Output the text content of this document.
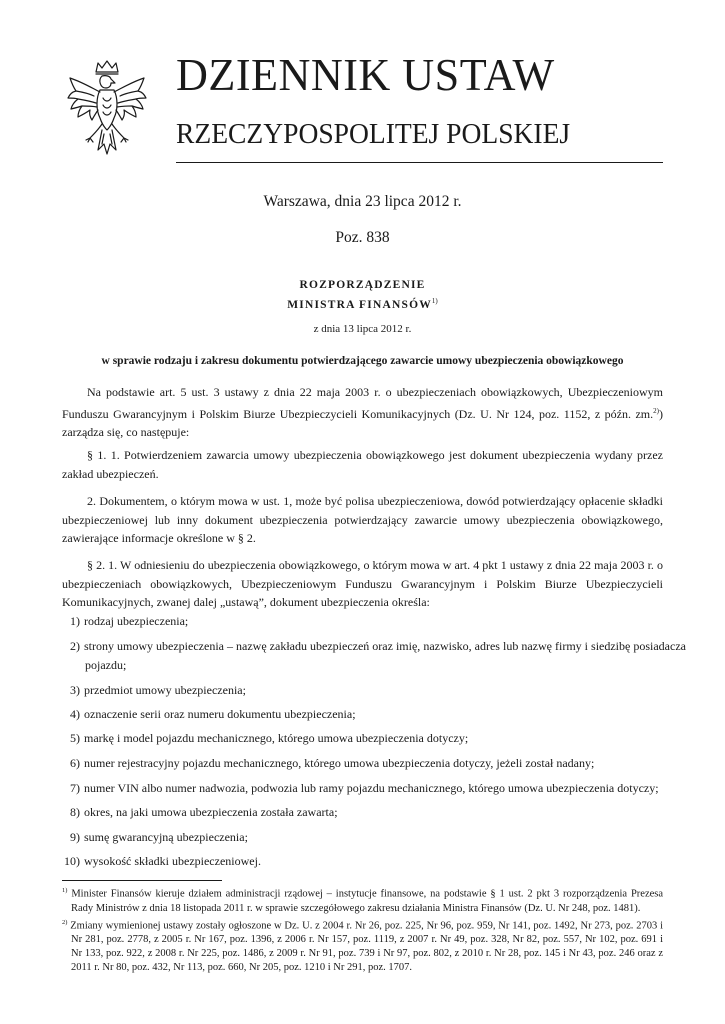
DZIENNIK USTAW
RZECZYPOSPOLITEJ POLSKIEJ
Warszawa, dnia 23 lipca 2012 r.
Poz. 838
ROZPORZĄDZENIE
MINISTRA FINANSÓW$^{1)}$
z dnia 13 lipca 2012 r.
w sprawie rodzaju i zakresu dokumentu potwierdzającego zawarcie umowy ubezpieczenia obowiązkowego

Na podstawie art. 5 ust. 3 ustawy z dnia 22 maja 2003 r. o ubezpieczeniach obowiązkowych, Ubezpieczeniowym Funduszu Gwarancyjnym i Polskim Biurze Ubezpieczycieli Komunikacyjnych (Dz. U. Nr 124, poz. 1152, z późn. zm.$^{2)}$) zarządza się, co następuje:

§ 1. 1. Potwierdzeniem zawarcia umowy ubezpieczenia obowiązkowego jest dokument ubezpieczenia wydany przez zakład ubezpieczeń.

2. Dokumentem, o którym mowa w ust. 1, może być polisa ubezpieczeniowa, dowód potwierdzający opłacenie składki ubezpieczeniowej lub inny dokument ubezpieczenia potwierdzający zawarcie umowy ubezpieczenia obowiązkowego, zawierające informacje określone w § 2.

§ 2. 1. W odniesieniu do ubezpieczenia obowiązkowego, o którym mowa w art. 4 pkt 1 ustawy z dnia 22 maja 2003 r. o ubezpieczeniach obowiązkowych, Ubezpieczeniowym Funduszu Gwarancyjnym i Polskim Biurze Ubezpieczycieli Komunikacyjnych, zwanej dalej „ustawą”, dokument ubezpieczenia określa:

1) rodzaj ubezpieczenia;
2) strony umowy ubezpieczenia – nazwę zakładu ubezpieczeń oraz imię, nazwisko, adres lub nazwę firmy i siedzibę posiadacza pojazdu;
3) przedmiot umowy ubezpieczenia;
4) oznaczenie serii oraz numeru dokumentu ubezpieczenia;
5) markę i model pojazdu mechanicznego, którego umowa ubezpieczenia dotyczy;
6) numer rejestracyjny pojazdu mechanicznego, którego umowa ubezpieczenia dotyczy, jeżeli został nadany;
7) numer VIN albo numer nadwozia, podwozia lub ramy pojazdu mechanicznego, którego umowa ubezpieczenia dotyczy;
8) okres, na jaki umowa ubezpieczenia została zawarta;
9) sumę gwarancyjną ubezpieczenia;
10) wysokość składki ubezpieczeniowej.

$^{1)}$ Minister Finansów kieruje działem administracji rządowej – instytucje finansowe, na podstawie § 1 ust. 2 pkt 3 rozporządzenia Prezesa Rady Ministrów z dnia 18 listopada 2011 r. w sprawie szczegółowego zakresu działania Ministra Finansów (Dz. U. Nr 248, poz. 1481).

$^{2)}$ Zmiany wymienionej ustawy zostały ogłoszone w Dz. U. z 2004 r. Nr 26, poz. 225, Nr 96, poz. 959, Nr 141, poz. 1492, Nr 273, poz. 2703 i Nr 281, poz. 2778, z 2005 r. Nr 167, poz. 1396, z 2006 r. Nr 157, poz. 1119, z 2007 r. Nr 49, poz. 328, Nr 82, poz. 557, Nr 102, poz. 691 i Nr 133, poz. 922, z 2008 r. Nr 225, poz. 1486, z 2009 r. Nr 91, poz. 739 i Nr 97, poz. 802, z 2010 r. Nr 28, poz. 145 i Nr 43, poz. 246 oraz z 2011 r. Nr 80, poz. 432, Nr 113, poz. 660, Nr 205, poz. 1210 i Nr 291, poz. 1707.
